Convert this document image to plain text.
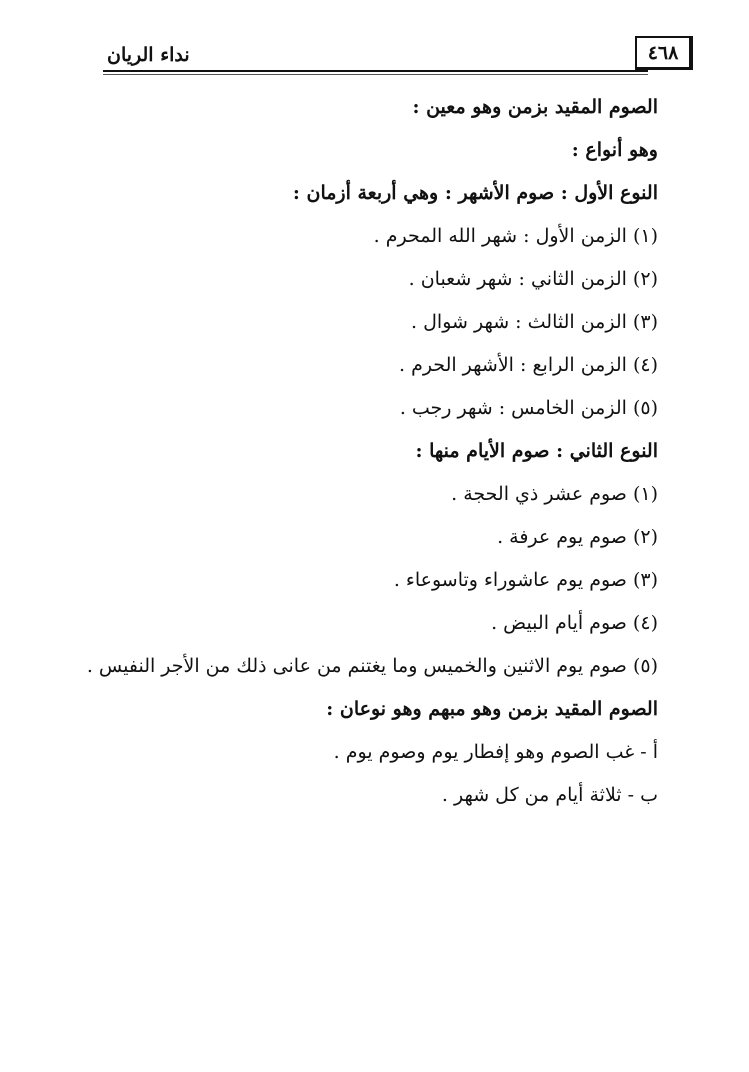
نداء الريان	٤٦٨
الصوم المقيد بزمن وهو معين :
وهو أنواع :
النوع الأول : صوم الأشهر : وهي أربعة أزمان :
(١) الزمن الأول : شهر الله المحرم .
(٢) الزمن الثاني : شهر شعبان .
(٣) الزمن الثالث : شهر شوال .
(٤) الزمن الرابع : الأشهر الحرم .
(٥) الزمن الخامس : شهر رجب .
النوع الثاني : صوم الأيام منها :
(١) صوم عشر ذي الحجة .
(٢) صوم يوم عرفة .
(٣) صوم يوم عاشوراء وتاسوعاء .
(٤) صوم أيام البيض .
(٥) صوم يوم الاثنين والخميس وما يغتنم من عانى ذلك من الأجر النفيس .
الصوم المقيد بزمن وهو مبهم وهو نوعان :
أ - غب الصوم وهو إفطار يوم وصوم يوم .
ب - ثلاثة أيام من كل شهر .
